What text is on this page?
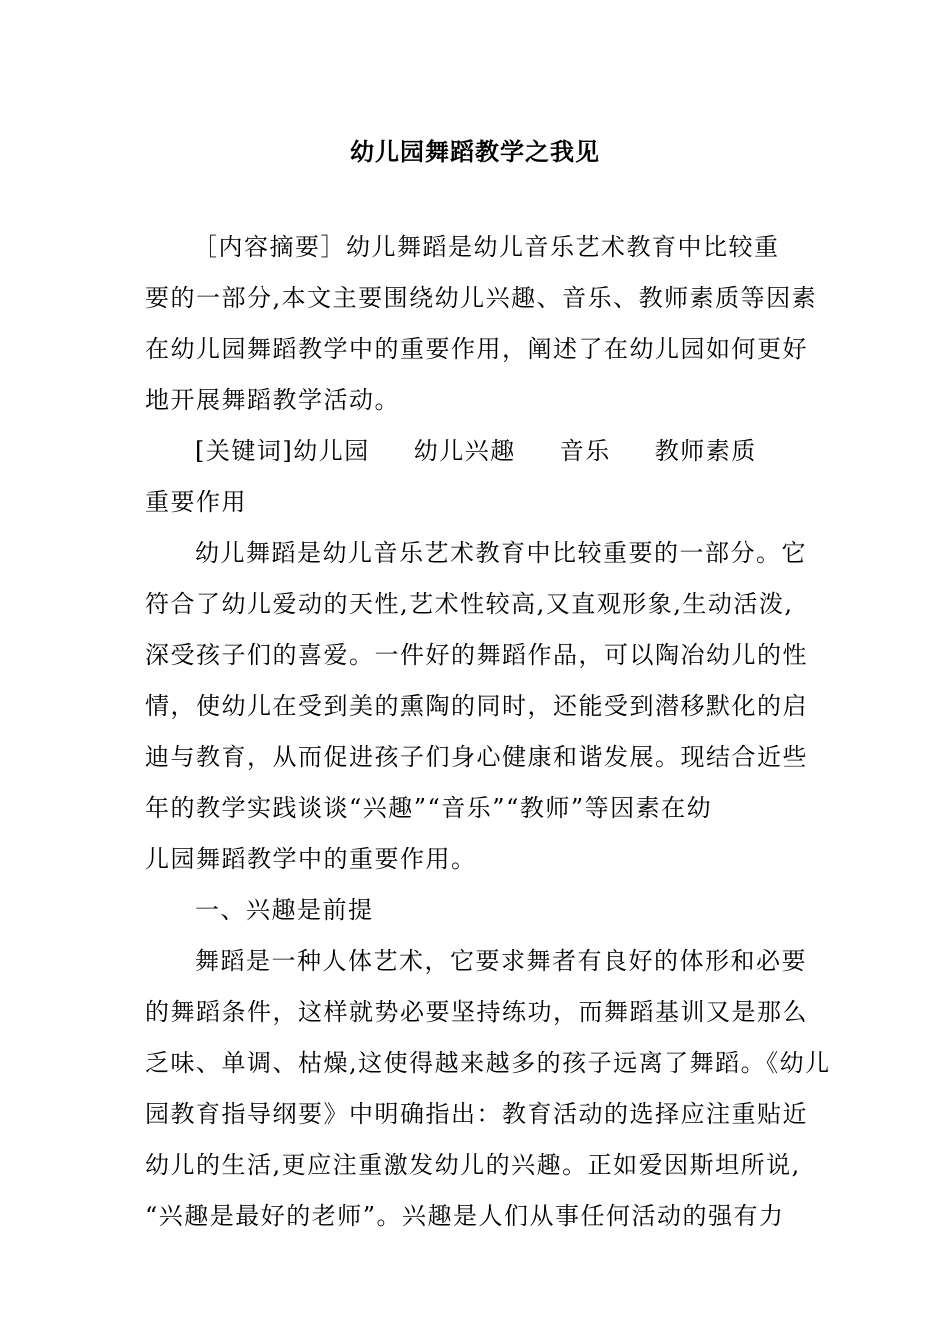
幼儿园舞蹈教学之我见
［内容摘要］幼儿舞蹈是幼儿音乐艺术教育中比较重
要的一部分,本文主要围绕幼儿兴趣、音乐、教师素质等因素
在幼儿园舞蹈教学中的重要作用，阐述了在幼儿园如何更好
地开展舞蹈教学活动。
[关键词]幼儿园 幼儿兴趣 音乐 教师素质
重要作用
幼儿舞蹈是幼儿音乐艺术教育中比较重要的一部分。它
符合了幼儿爱动的天性,艺术性较高,又直观形象,生动活泼,
深受孩子们的喜爱。一件好的舞蹈作品，可以陶冶幼儿的性
情，使幼儿在受到美的熏陶的同时，还能受到潜移默化的启
迪与教育，从而促进孩子们身心健康和谐发展。现结合近些
年的教学实践谈谈“兴趣”“音乐”“教师”等因素在幼
儿园舞蹈教学中的重要作用。
一、兴趣是前提
舞蹈是一种人体艺术，它要求舞者有良好的体形和必要
的舞蹈条件，这样就势必要坚持练功，而舞蹈基训又是那么
乏味、单调、枯燥,这使得越来越多的孩子远离了舞蹈。《幼儿
园教育指导纲要》中明确指出：教育活动的选择应注重贴近
幼儿的生活,更应注重激发幼儿的兴趣。正如爱因斯坦所说,
“兴趣是最好的老师”。兴趣是人们从事任何活动的强有力
